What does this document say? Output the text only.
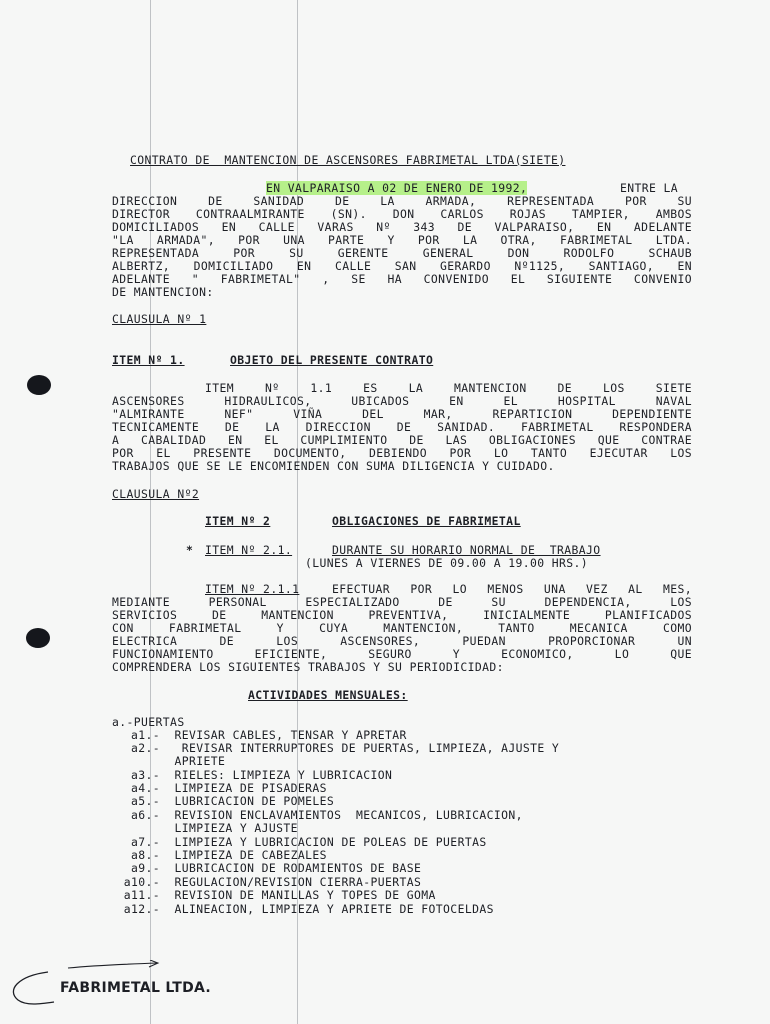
CONTRATO DE  MANTENCION DE ASCENSORES FABRIMETAL LTDA(SIETE)
EN VALPARAISO A 02 DE ENERO DE 1992,	ENTRE LA
DIRECCION DE SANIDAD DE LA ARMADA, REPRESENTADA POR SU
DIRECTOR CONTRAALMIRANTE (SN). DON CARLOS ROJAS TAMPIER, AMBOS
DOMICILIADOS EN CALLE VARAS Nº 343 DE VALPARAISO, EN ADELANTE
"LA ARMADA", POR UNA PARTE Y POR LA OTRA, FABRIMETAL LTDA.
REPRESENTADA POR SU GERENTE GENERAL DON RODOLFO SCHAUB
ALBERTZ, DOMICILIADO EN CALLE SAN GERARDO Nº1125, SANTIAGO, EN
ADELANTE " FABRIMETAL" , SE HA CONVENIDO EL SIGUIENTE CONVENIO
DE MANTENCION:
CLAUSULA Nº 1
ITEM Nº 1.	OBJETO DEL PRESENTE CONTRATO
ITEM Nº 1.1 ES LA MANTENCION DE LOS SIETE
ASCENSORES HIDRAULICOS, UBICADOS EN EL HOSPITAL NAVAL
"ALMIRANTE NEF" VIÑA DEL MAR, REPARTICION DEPENDIENTE
TECNICAMENTE DE LA DIRECCION DE SANIDAD. FABRIMETAL RESPONDERA
A CABALIDAD EN EL CUMPLIMIENTO DE LAS OBLIGACIONES QUE CONTRAE
POR EL PRESENTE DOCUMENTO, DEBIENDO POR LO TANTO EJECUTAR LOS
TRABAJOS QUE SE LE ENCOMIENDEN CON SUMA DILIGENCIA Y CUIDADO.
CLAUSULA Nº2
ITEM Nº 2	OBLIGACIONES DE FABRIMETAL
* ITEM Nº 2.1.	DURANTE SU HORARIO NORMAL DE  TRABAJO
(LUNES A VIERNES DE 09.00 A 19.00 HRS.)
ITEM Nº 2.1.1	EFECTUAR POR LO MENOS UNA VEZ AL MES,
MEDIANTE PERSONAL ESPECIALIZADO DE SU DEPENDENCIA, LOS
SERVICIOS DE MANTENCION PREVENTIVA, INICIALMENTE PLANIFICADOS
CON FABRIMETAL Y CUYA MANTENCION, TANTO MECANICA COMO
ELECTRICA DE LOS ASCENSORES, PUEDAN PROPORCIONAR UN
FUNCIONAMIENTO EFICIENTE, SEGURO Y ECONOMICO, LO QUE
COMPRENDERA LOS SIGUIENTES TRABAJOS Y SU PERIODICIDAD:
ACTIVIDADES MENSUALES:
a.-PUERTAS
a1.- REVISAR CABLES, TENSAR Y APRETAR
a2.-   REVISAR INTERRUPTORES DE PUERTAS, LIMPIEZA, AJUSTE Y
APRIETE
a3.- RIELES: LIMPIEZA Y LUBRICACION
a4.- LIMPIEZA DE PISADERAS
a5.- LUBRICACION DE POMELES
a6.- REVISION ENCLAVAMIENTOS  MECANICOS, LUBRICACION,
LIMPIEZA Y AJUSTE
a7.- LIMPIEZA Y LUBRICACION DE POLEAS DE PUERTAS
a8.- LIMPIEZA DE CABEZALES
a9.- LUBRICACION DE RODAMIENTOS DE BASE
a10.- REGULACION/REVISION CIERRA-PUERTAS
a11.- REVISION DE MANILLAS Y TOPES DE GOMA
a12.- ALINEACION, LIMPIEZA Y APRIETE DE FOTOCELDAS
FABRIMETAL LTDA.
